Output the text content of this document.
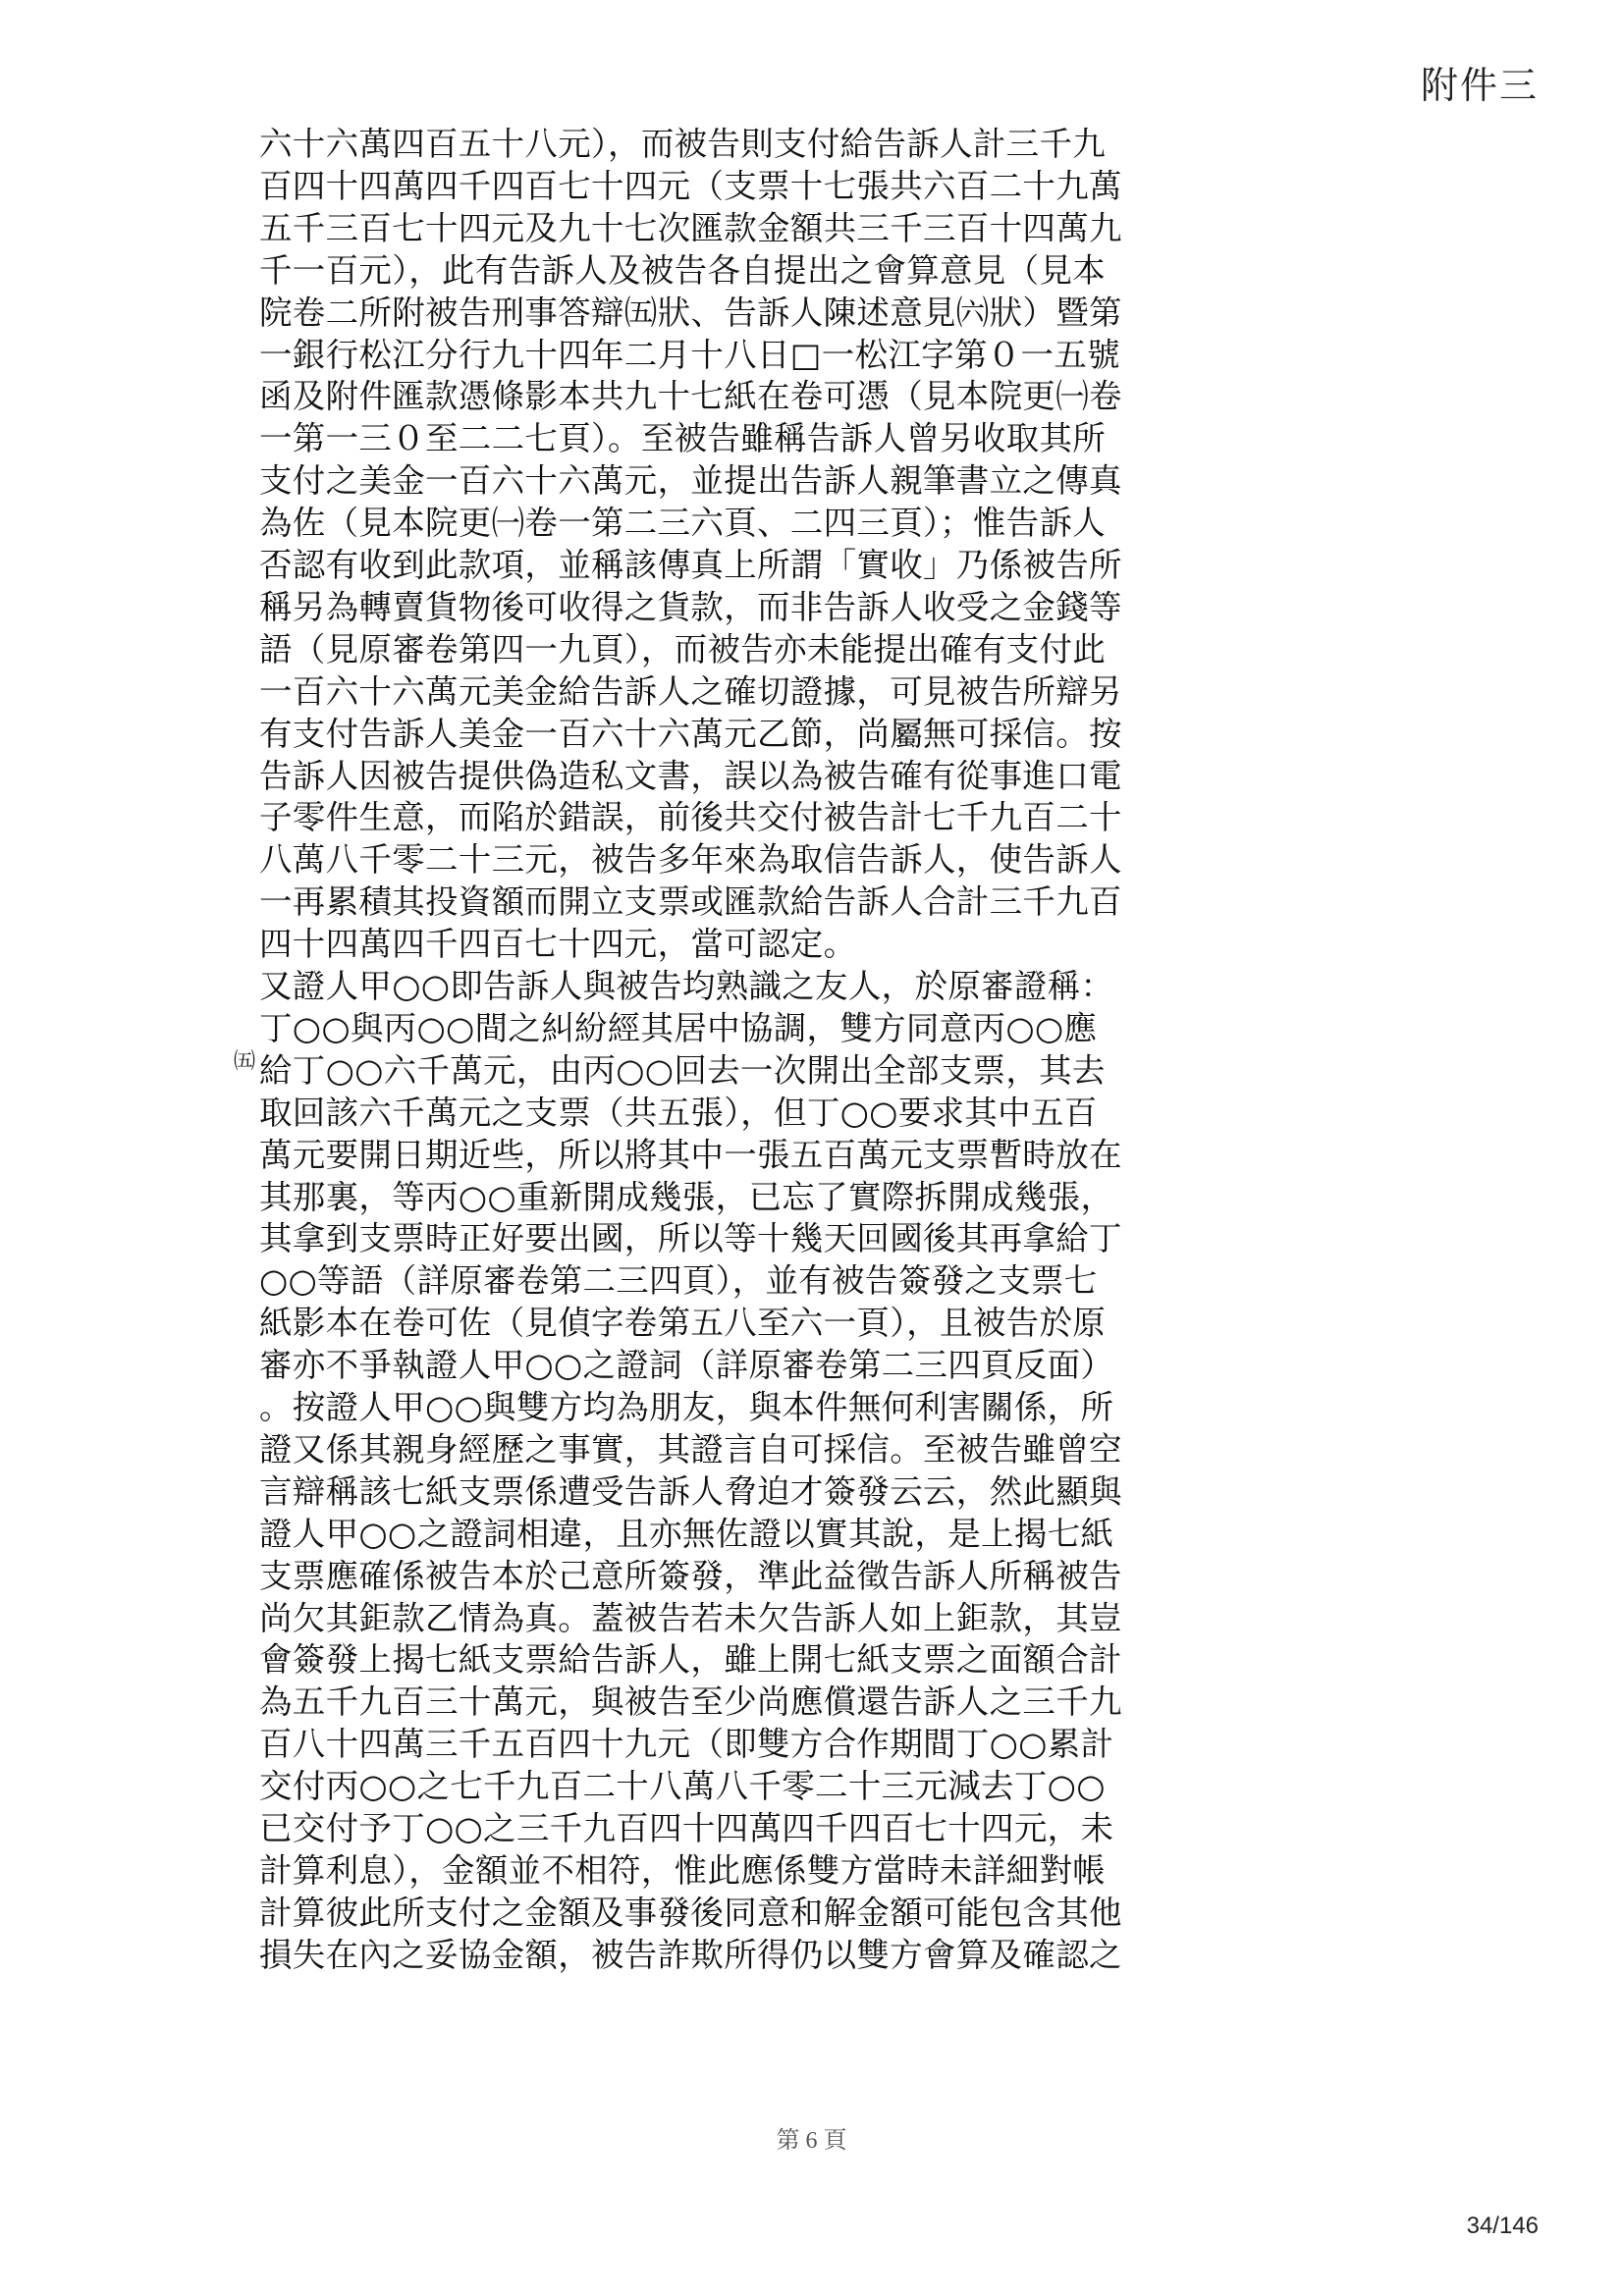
附件三
六十六萬四百五十八元），而被告則支付給告訴人計三千九
百四十四萬四千四百七十四元（支票十七張共六百二十九萬
五千三百七十四元及九十七次匯款金額共三千三百十四萬九
千一百元），此有告訴人及被告各自提出之會算意見（見本
院卷二所附被告刑事答辯㈤狀、告訴人陳述意見㈥狀）暨第
一銀行松江分行九十四年二月十八日□一松江字第０一五號
函及附件匯款憑條影本共九十七紙在卷可憑（見本院更㈠卷
一第一三０至二二七頁）。至被告雖稱告訴人曾另收取其所
支付之美金一百六十六萬元，並提出告訴人親筆書立之傳真
為佐（見本院更㈠卷一第二三六頁、二四三頁）；惟告訴人
否認有收到此款項，並稱該傳真上所謂「實收」乃係被告所
稱另為轉賣貨物後可收得之貨款，而非告訴人收受之金錢等
語（見原審卷第四一九頁），而被告亦未能提出確有支付此
一百六十六萬元美金給告訴人之確切證據，可見被告所辯另
有支付告訴人美金一百六十六萬元乙節，尚屬無可採信。按
告訴人因被告提供偽造私文書，誤以為被告確有從事進口電
子零件生意，而陷於錯誤，前後共交付被告計七千九百二十
八萬八千零二十三元，被告多年來為取信告訴人，使告訴人
一再累積其投資額而開立支票或匯款給告訴人合計三千九百
四十四萬四千四百七十四元，當可認定。
又證人甲○○即告訴人與被告均熟識之友人，於原審證稱：
丁○○與丙○○間之糾紛經其居中協調，雙方同意丙○○應
給丁○○六千萬元，由丙○○回去一次開出全部支票，其去
取回該六千萬元之支票（共五張），但丁○○要求其中五百
萬元要開日期近些，所以將其中一張五百萬元支票暫時放在
其那裏，等丙○○重新開成幾張，已忘了實際拆開成幾張，
其拿到支票時正好要出國，所以等十幾天回國後其再拿給丁
○○等語（詳原審卷第二三四頁），並有被告簽發之支票七
紙影本在卷可佐（見偵字卷第五八至六一頁），且被告於原
審亦不爭執證人甲○○之證詞（詳原審卷第二三四頁反面）
。按證人甲○○與雙方均為朋友，與本件無何利害關係，所
證又係其親身經歷之事實，其證言自可採信。至被告雖曾空
言辯稱該七紙支票係遭受告訴人脅迫才簽發云云，然此顯與
證人甲○○之證詞相違，且亦無佐證以實其說，是上揭七紙
支票應確係被告本於己意所簽發，準此益徵告訴人所稱被告
尚欠其鉅款乙情為真。蓋被告若未欠告訴人如上鉅款，其豈
會簽發上揭七紙支票給告訴人，雖上開七紙支票之面額合計
為五千九百三十萬元，與被告至少尚應償還告訴人之三千九
百八十四萬三千五百四十九元（即雙方合作期間丁○○累計
交付丙○○之七千九百二十八萬八千零二十三元減去丁○○
已交付予丁○○之三千九百四十四萬四千四百七十四元，未
計算利息），金額並不相符，惟此應係雙方當時未詳細對帳
計算彼此所支付之金額及事發後同意和解金額可能包含其他
損失在內之妥協金額，被告詐欺所得仍以雙方會算及確認之
㈤
第 6 頁
34/146
